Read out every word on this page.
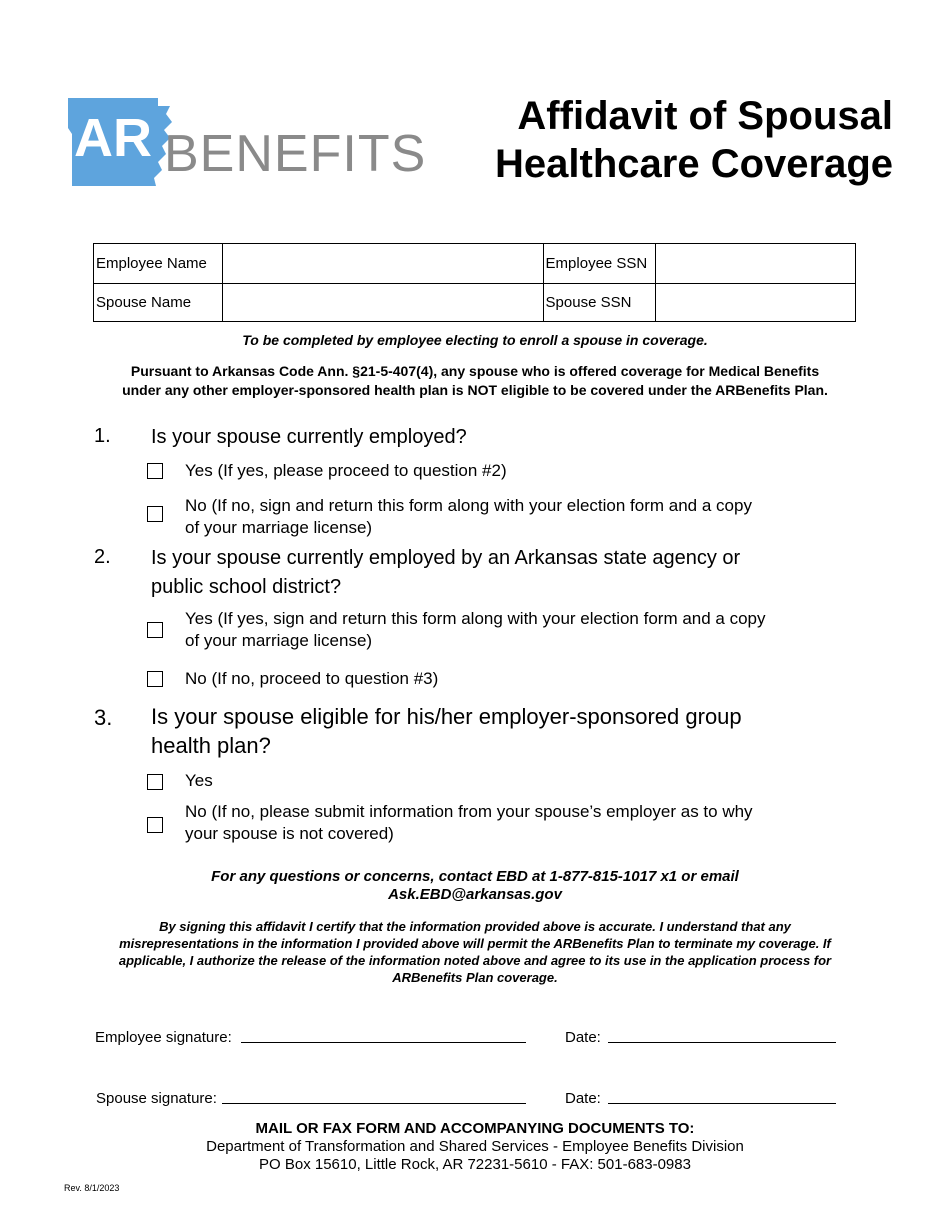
AR BENEFITS
Affidavit of Spousal
Healthcare Coverage
Employee Name		Employee SSN	
Spouse Name		Spouse SSN	
To be completed by employee electing to enroll a spouse in coverage.
Pursuant to Arkansas Code Ann. §21-5-407(4), any spouse who is offered coverage for Medical Benefits
under any other employer-sponsored health plan is NOT eligible to be covered under the ARBenefits Plan.
1. Is your spouse currently employed?
Yes (If yes, please proceed to question #2)
No (If no, sign and return this form along with your election form and a copy
of your marriage license)
2. Is your spouse currently employed by an Arkansas state agency or
public school district?
Yes (If yes, sign and return this form along with your election form and a copy
of your marriage license)
No (If no, proceed to question #3)
3. Is your spouse eligible for his/her employer-sponsored group
health plan?
Yes
No (If no, please submit information from your spouse’s employer as to why
your spouse is not covered)
For any questions or concerns, contact EBD at 1-877-815-1017 x1 or email
Ask.EBD@arkansas.gov
By signing this affidavit I certify that the information provided above is accurate. I understand that any
misrepresentations in the information I provided above will permit the ARBenefits Plan to terminate my coverage. If
applicable, I authorize the release of the information noted above and agree to its use in the application process for
ARBenefits Plan coverage.
Employee signature:	Date:
Spouse signature:	Date:
MAIL OR FAX FORM AND ACCOMPANYING DOCUMENTS TO:
Department of Transformation and Shared Services - Employee Benefits Division
PO Box 15610, Little Rock, AR 72231-5610 - FAX: 501-683-0983
Rev. 8/1/2023
